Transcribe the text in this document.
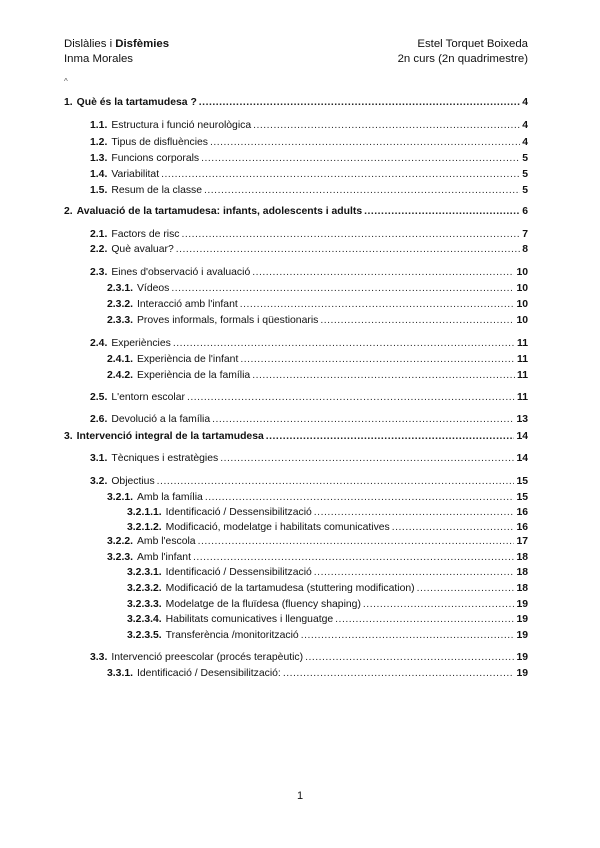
Dislàlies i Disfèmies	Estel Torquet Boixeda
Inma Morales	2n curs (2n quadrimestre)
^
1. Què és la tartamudesa ? .....	4
1.1. Estructura i funció neurològica .....	4
1.2. Tipus de disfluències .....	4
1.3. Funcions corporals .....	5
1.4. Variabilitat .....	5
1.5. Resum de la classe .....	5
2. Avaluació de la tartamudesa: infants, adolescents i adults .....	6
2.1. Factors de risc .....	7
2.2. Què avaluar? .....	8
2.3. Eines d'observació i avaluació .....	10
2.3.1. Vídeos .....	10
2.3.2. Interacció amb l'infant .....	10
2.3.3. Proves informals, formals i qüestionaris .....	10
2.4. Experiències .....	11
2.4.1. Experiència de l'infant .....	11
2.4.2. Experiència de la família .....	11
2.5. L'entorn escolar .....	11
2.6. Devolució a la família .....	13
3. Intervenció integral de la tartamudesa .....	14
3.1. Tècniques i estratègies .....	14
3.2. Objectius .....	15
3.2.1. Amb la família .....	15
3.2.1.1. Identificació / Dessensibilització .....	16
3.2.1.2. Modificació, modelatge i habilitats comunicatives .....	16
3.2.2. Amb l'escola .....	17
3.2.3. Amb l'infant .....	18
3.2.3.1. Identificació / Dessensibilització .....	18
3.2.3.2. Modificació de la tartamudesa (stuttering modification) .....	18
3.2.3.3. Modelatge de la fluïdesa (fluency shaping) .....	19
3.2.3.4. Habilitats comunicatives i llenguatge .....	19
3.2.3.5. Transferència /monitorització .....	19
3.3. Intervenció preescolar (procés terapèutic) .....	19
3.3.1. Identificació / Desensibilització: .....	19
1
